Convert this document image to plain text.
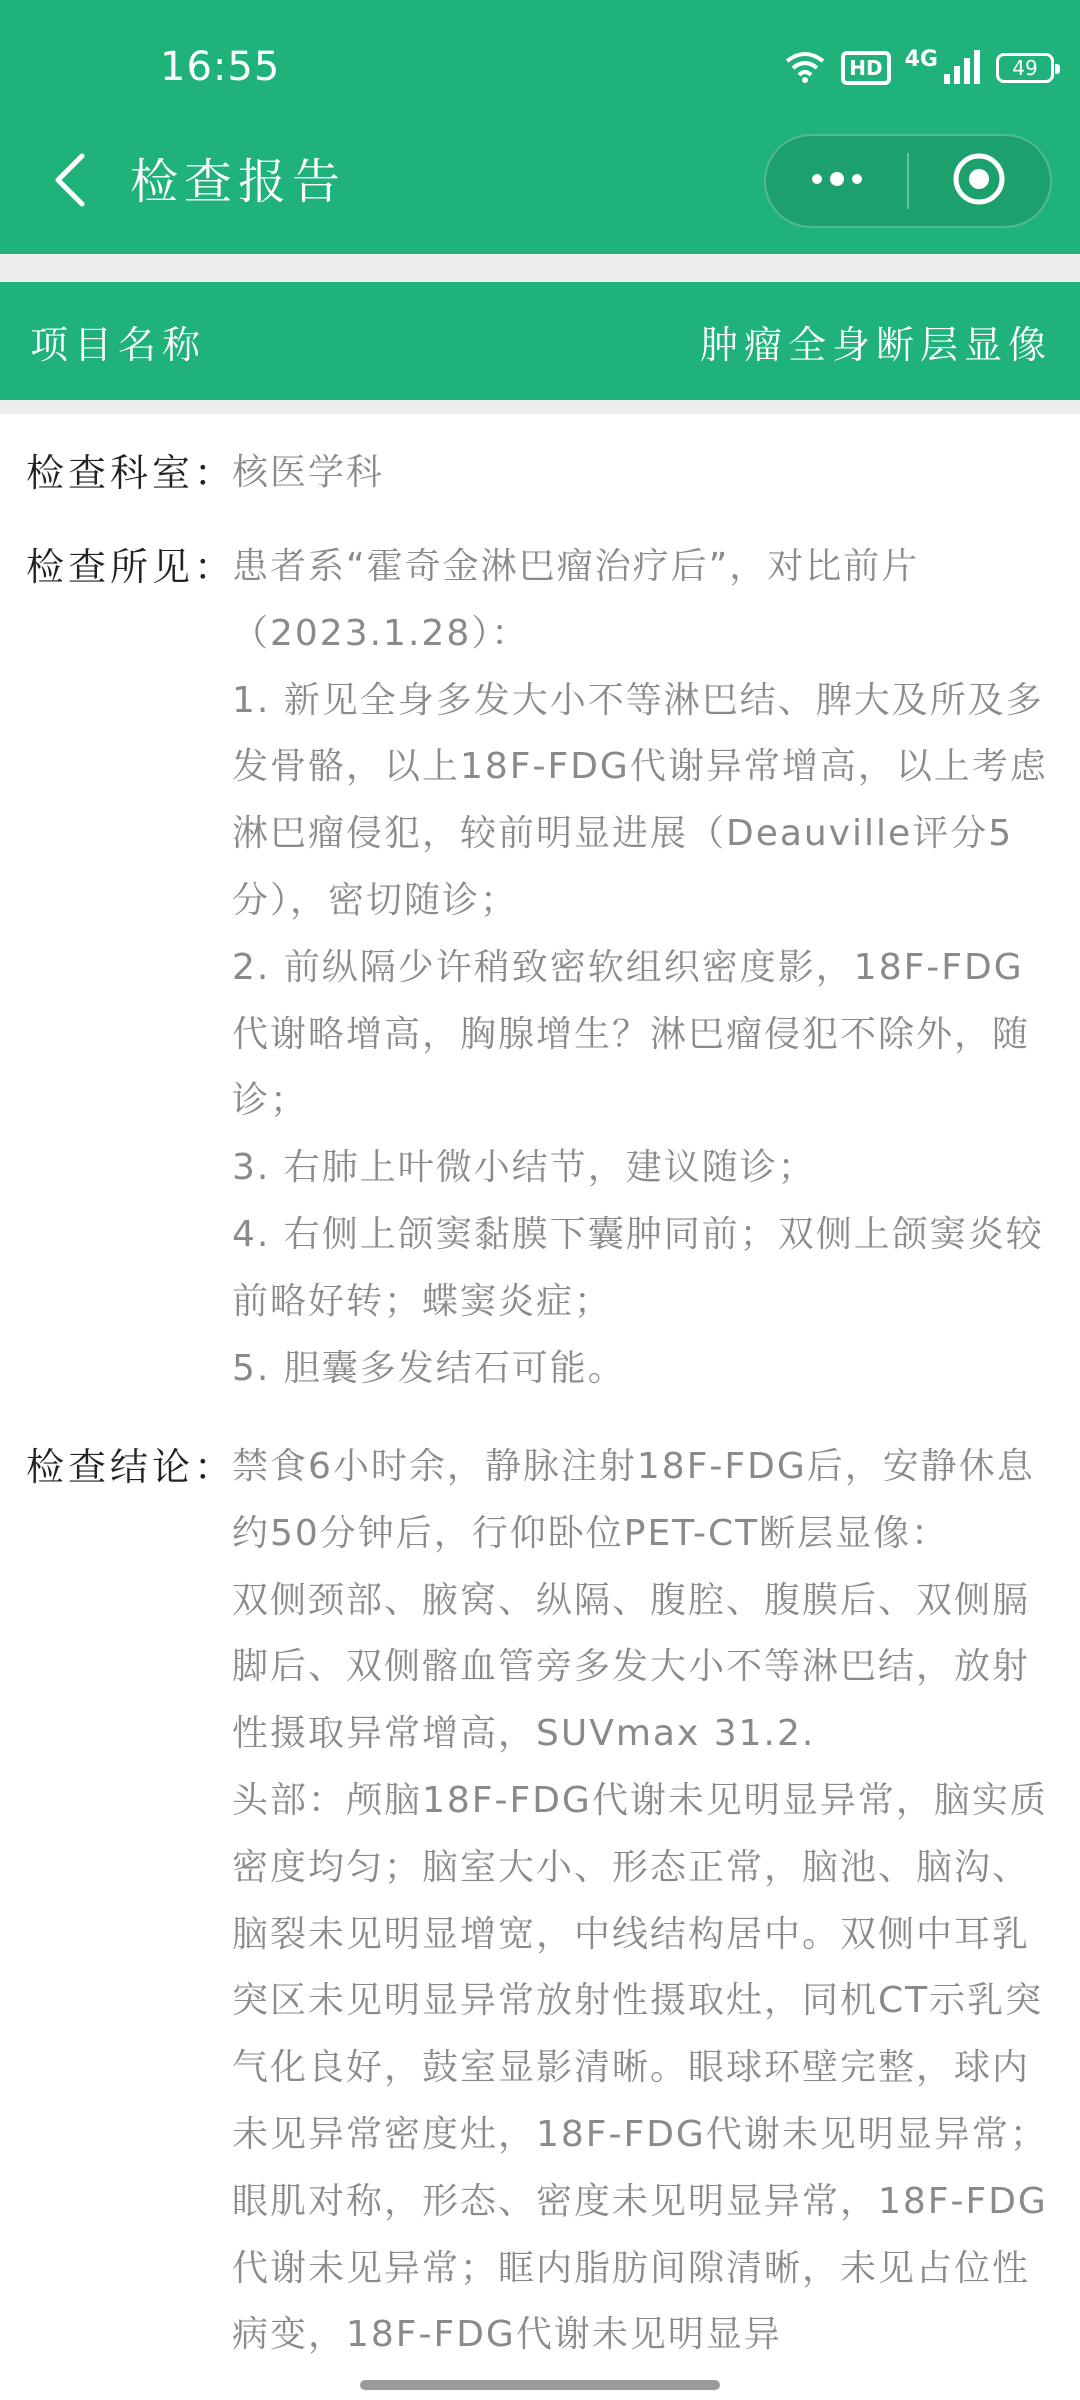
16:55	HD	4G	49
检查报告
项目名称	肿瘤全身断层显像
检查科室：
核医学科
检查所见：

患者系“霍奇金淋巴瘤治疗后”，对比前片（2023.1.28）：

1. 新见全身多发大小不等淋巴结、脾大及所及多发骨骼，以上18F-FDG代谢异常增高，以上考虑淋巴瘤侵犯，较前明显进展（Deauville评分5分），密切随诊；

2. 前纵隔少许稍致密软组织密度影，18F-FDG代谢略增高，胸腺增生？淋巴瘤侵犯不除外，随诊；

3. 右肺上叶微小结节，建议随诊；

4. 右侧上颌窦黏膜下囊肿同前；双侧上颌窦炎较前略好转；蝶窦炎症；

5. 胆囊多发结石可能。

检查结论：

禁食6小时余，静脉注射18F-FDG后，安静休息约50分钟后，行仰卧位PET-CT断层显像：

双侧颈部、腋窝、纵隔、腹腔、腹膜后、双侧膈脚后、双侧髂血管旁多发大小不等淋巴结，放射性摄取异常增高，SUVmax 31.2.

头部：颅脑18F-FDG代谢未见明显异常，脑实质密度均匀；脑室大小、形态正常，脑池、脑沟、脑裂未见明显增宽，中线结构居中。双侧中耳乳突区未见明显异常放射性摄取灶，同机CT示乳突气化良好，鼓室显影清晰。眼球环壁完整，球内未见异常密度灶，18F-FDG代谢未见明显异常；眼肌对称，形态、密度未见明显异常，18F-FDG代谢未见异常；眶内脂肪间隙清晰，未见占位性病变，18F-FDG代谢未见明显异
